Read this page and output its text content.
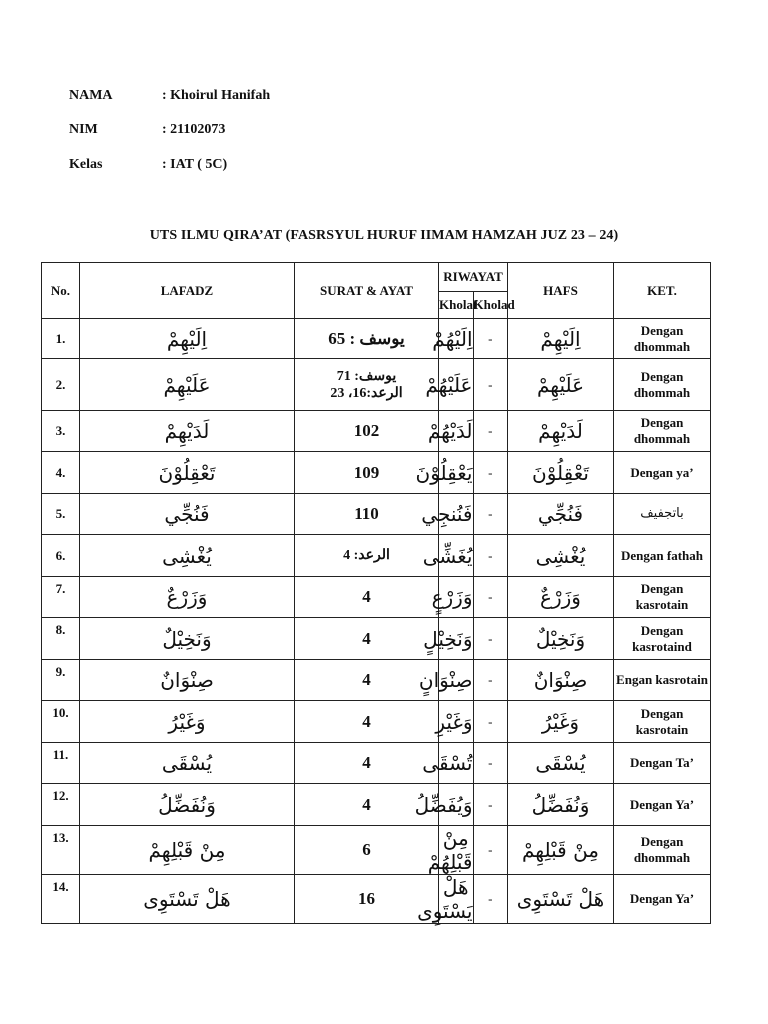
NAMA	: Khoirul Hanifah
NIM	: 21102073
Kelas	: IAT ( 5C)
UTS ILMU QIRA’AT (FASRSYUL HURUF IIMAM HAMZAH JUZ 23 – 24)
No.	LAFADZ	SURAT & AYAT	RIWAYAT		HAFS	KET.
			Kholaf	Kholad		
1.	اِلَيْهِمْ	يوسف : 65	اِلَيْهُمْ	-	اِلَيْهِمْ	Dengan dhommah
2.	عَلَيْهِمْ	يوسف: 71
الرعد:16، 23	عَلَيْهُمْ	-	عَلَيْهِمْ	Dengan dhommah
3.	لَدَيْهِمْ	102	لَدَيْهُمْ	-	لَدَيْهِمْ	Dengan dhommah
4.	تَعْقِلُوْنَ	109	يَعْقِلُوْنَ	-	تَعْقِلُوْنَ	Dengan ya’
5.	فَنُجِّي	110	فَنُنجِي	-	فَنُجِّي	باتجفيف
6.	يُغْشِى	الرعد: 4	يُغَشِّى	-	يُغْشِى	Dengan fathah
7.	وَزَرْعٌ	4	وَزَرْعٍ	-	وَزَرْعٌ	Dengan kasrotain
8.	وَنَخِيْلٌ	4	وَنَخِيْلٍ	-	وَنَخِيْلٌ	Dengan kasrotaind
9.	صِنْوَانٌ	4	صِنْوَانٍ	-	صِنْوَانٌ	Engan kasrotain
10.	وَغَيْرُ	4	وَغَيْرِ	-	وَغَيْرُ	Dengan kasrotain
11.	يُسْقَى	4	تُسْقَى	-	يُسْقَى	Dengan Ta’
12.	وَنُفَضِّلُ	4	وَيُفَضِّلُ	-	وَنُفَضِّلُ	Dengan Ya’
13.	مِنْ قَبْلِهِمْ	6	مِنْ قَبْلِهُمْ	-	مِنْ قَبْلِهِمْ	Dengan dhommah
14.	هَلْ تَسْتَوِى	16	هَلْ يَسْتَوِى	-	هَلْ تَسْتَوِى	Dengan Ya’
